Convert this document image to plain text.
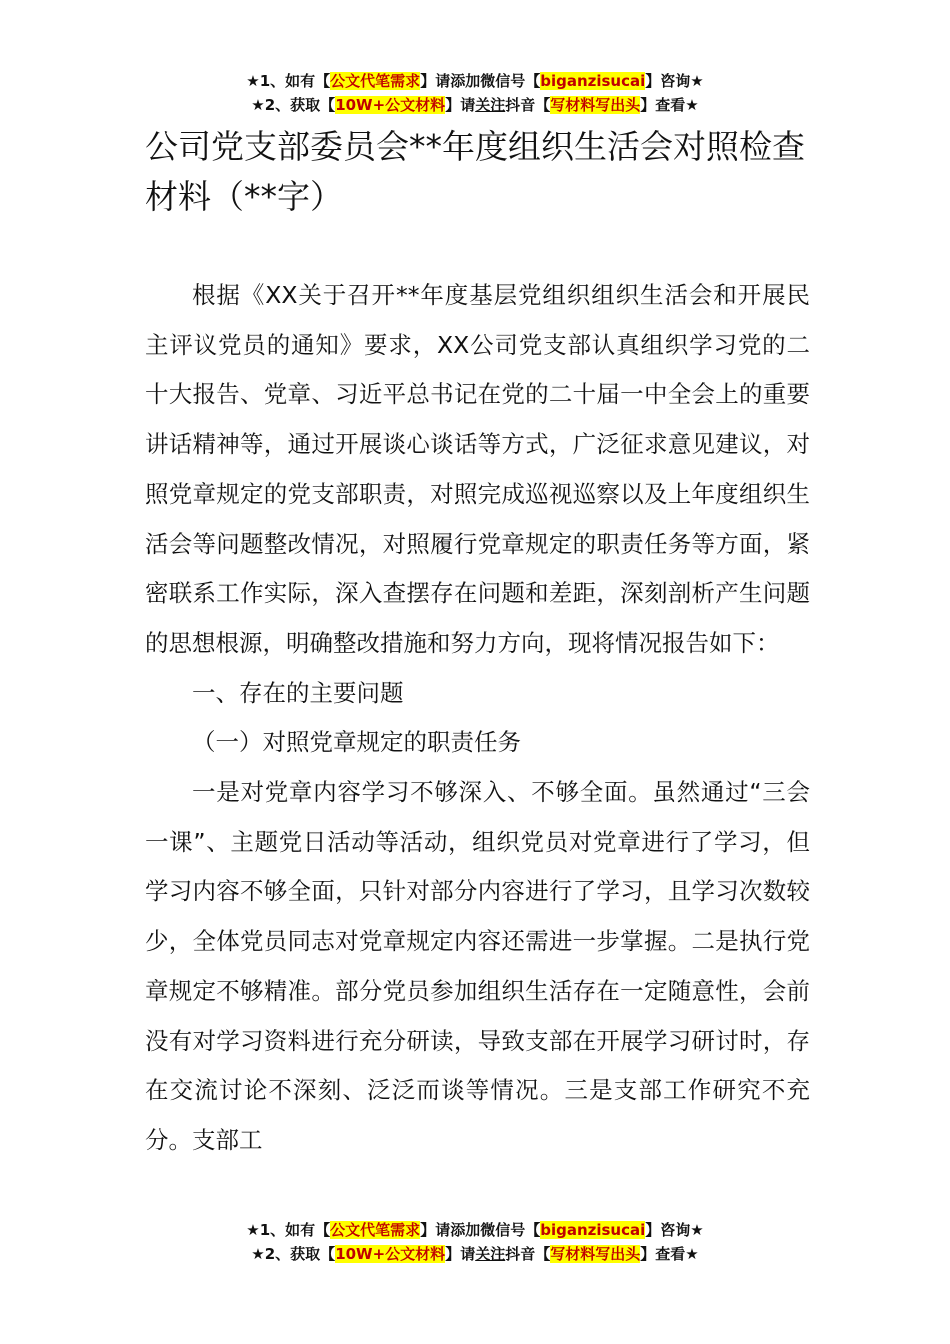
★1、如有【公文代笔需求】请添加微信号【biganzisucai】咨询★
★2、获取【10W+公文材料】请关注抖音【写材料写出头】查看★
公司党支部委员会**年度组织生活会对照检查材料（**字）

根据《XX关于召开**年度基层党组织组织生活会和开展民主评议党员的通知》要求，XX公司党支部认真组织学习党的二十大报告、党章、习近平总书记在党的二十届一中全会上的重要讲话精神等，通过开展谈心谈话等方式，广泛征求意见建议，对照党章规定的党支部职责，对照完成巡视巡察以及上年度组织生活会等问题整改情况，对照履行党章规定的职责任务等方面，紧密联系工作实际，深入查摆存在问题和差距，深刻剖析产生问题的思想根源，明确整改措施和努力方向，现将情况报告如下：

一、存在的主要问题

（一）对照党章规定的职责任务

一是对党章内容学习不够深入、不够全面。虽然通过“三会一课”、主题党日活动等活动，组织党员对党章进行了学习，但学习内容不够全面，只针对部分内容进行了学习，且学习次数较少，全体党员同志对党章规定内容还需进一步掌握。二是执行党章规定不够精准。部分党员参加组织生活存在一定随意性，会前没有对学习资料进行充分研读，导致支部在开展学习研讨时，存在交流讨论不深刻、泛泛而谈等情况。三是支部工作研究不充分。支部工

★1、如有【公文代笔需求】请添加微信号【biganzisucai】咨询★
★2、获取【10W+公文材料】请关注抖音【写材料写出头】查看★
